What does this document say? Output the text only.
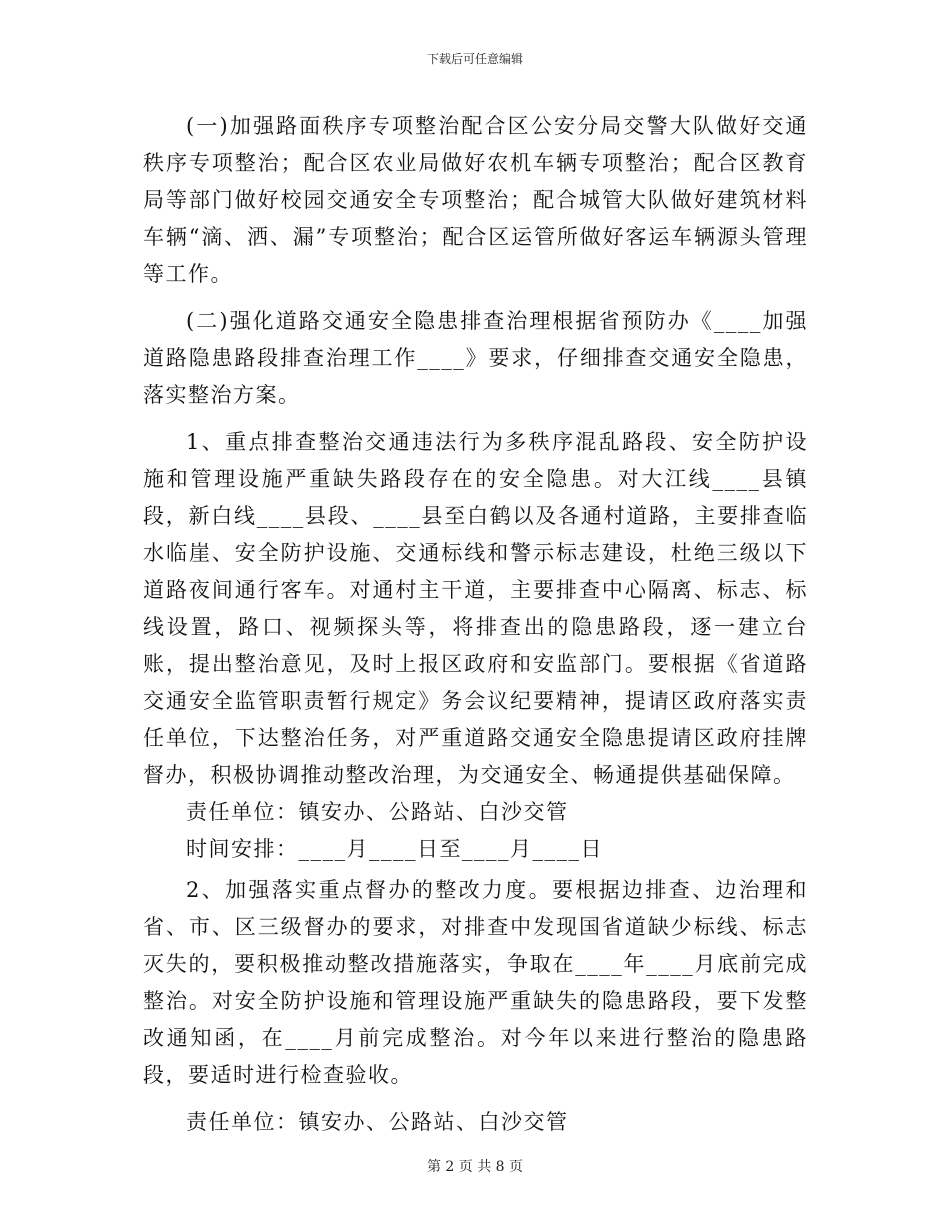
下载后可任意编辑

(一)加强路面秩序专项整治配合区公安分局交警大队做好交通秩序专项整治；配合区农业局做好农机车辆专项整治；配合区教育局等部门做好校园交通安全专项整治；配合城管大队做好建筑材料车辆“滴、洒、漏”专项整治；配合区运管所做好客运车辆源头管理等工作。

(二)强化道路交通安全隐患排查治理根据省预防办《____加强道路隐患路段排查治理工作____》要求，仔细排查交通安全隐患，落实整治方案。

1、重点排查整治交通违法行为多秩序混乱路段、安全防护设施和管理设施严重缺失路段存在的安全隐患。对大江线____县镇段，新白线____县段、____县至白鹤以及各通村道路，主要排查临水临崖、安全防护设施、交通标线和警示标志建设，杜绝三级以下道路夜间通行客车。对通村主干道，主要排查中心隔离、标志、标线设置，路口、视频探头等，将排查出的隐患路段，逐一建立台账，提出整治意见，及时上报区政府和安监部门。要根据《省道路交通安全监管职责暂行规定》务会议纪要精神，提请区政府落实责任单位，下达整治任务，对严重道路交通安全隐患提请区政府挂牌督办，积极协调推动整改治理，为交通安全、畅通提供基础保障。

责任单位：镇安办、公路站、白沙交管

时间安排：____月____日至____月____日

2、加强落实重点督办的整改力度。要根据边排查、边治理和省、市、区三级督办的要求，对排查中发现国省道缺少标线、标志灭失的，要积极推动整改措施落实，争取在____年____月底前完成整治。对安全防护设施和管理设施严重缺失的隐患路段，要下发整改通知函，在____月前完成整治。对今年以来进行整治的隐患路段，要适时进行检查验收。

责任单位：镇安办、公路站、白沙交管

第 2 页 共 8 页
